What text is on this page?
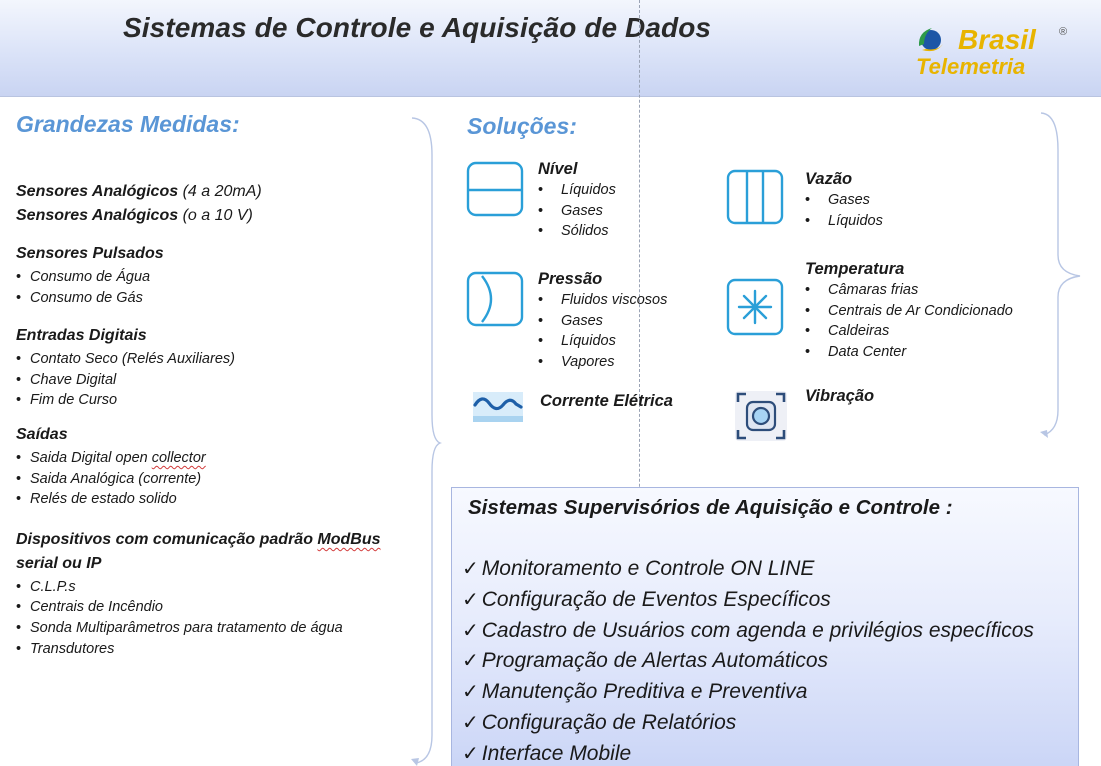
Sistemas de Controle e Aquisição de Dados	Brasil ®
Telemetria
Grandezas Medidas:
Sensores Analógicos (4 a 20mA)
Sensores Analógicos (o a 10 V)
Sensores Pulsados
• Consumo de Água
• Consumo de Gás
Entradas Digitais
• Contato Seco (Relés Auxiliares)
• Chave Digital
• Fim de Curso
Saídas
• Saida Digital open collector
• Saida Analógica (corrente)
• Relés de estado solido
Dispositivos com comunicação padrão ModBus
serial ou IP
• C.L.P.s
• Centrais de Incêndio
• Sonda Multiparâmetros para tratamento de água
• Transdutores
Soluções:
Nível
• Líquidos
• Gases
• Sólidos
Vazão
• Gases
• Líquidos
Pressão
• Fluidos viscosos
• Gases
• Líquidos
• Vapores
Temperatura
• Câmaras frias
• Centrais de Ar Condicionado
• Caldeiras
• Data Center
Corrente Elétrica	Vibração
Sistemas Supervisórios de Aquisição e Controle :
✓ Monitoramento e Controle ON LINE
✓ Configuração de Eventos Específicos
✓ Cadastro de Usuários com agenda e privilégios específicos
✓ Programação de Alertas Automáticos
✓ Manutenção Preditiva e Preventiva
✓ Configuração de Relatórios
✓ Interface Mobile
